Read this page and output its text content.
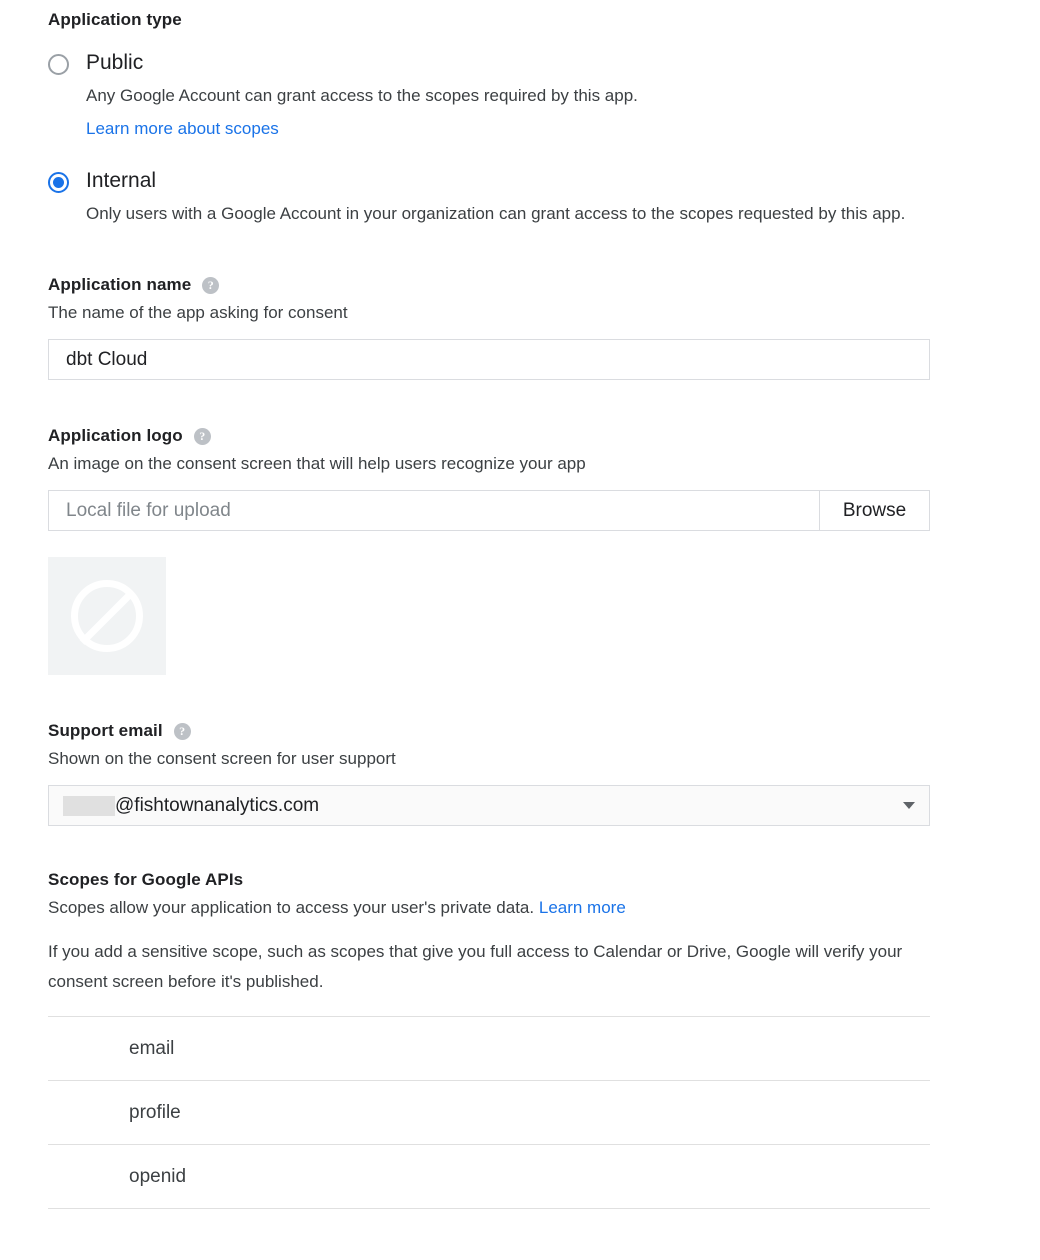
Application type
Public
Any Google Account can grant access to the scopes required by this app.
Learn more about scopes
Internal
Only users with a Google Account in your organization can grant access to the scopes requested by this app.
Application name	?
The name of the app asking for consent
dbt Cloud
Application logo	?
An image on the consent screen that will help users recognize your app
Local file for upload	Browse
Support email	?
Shown on the consent screen for user support
@fishtownanalytics.com
Scopes for Google APIs
Scopes allow your application to access your user's private data. Learn more
If you add a sensitive scope, such as scopes that give you full access to Calendar or Drive, Google will verify your consent screen before it's published.
email
profile
openid
